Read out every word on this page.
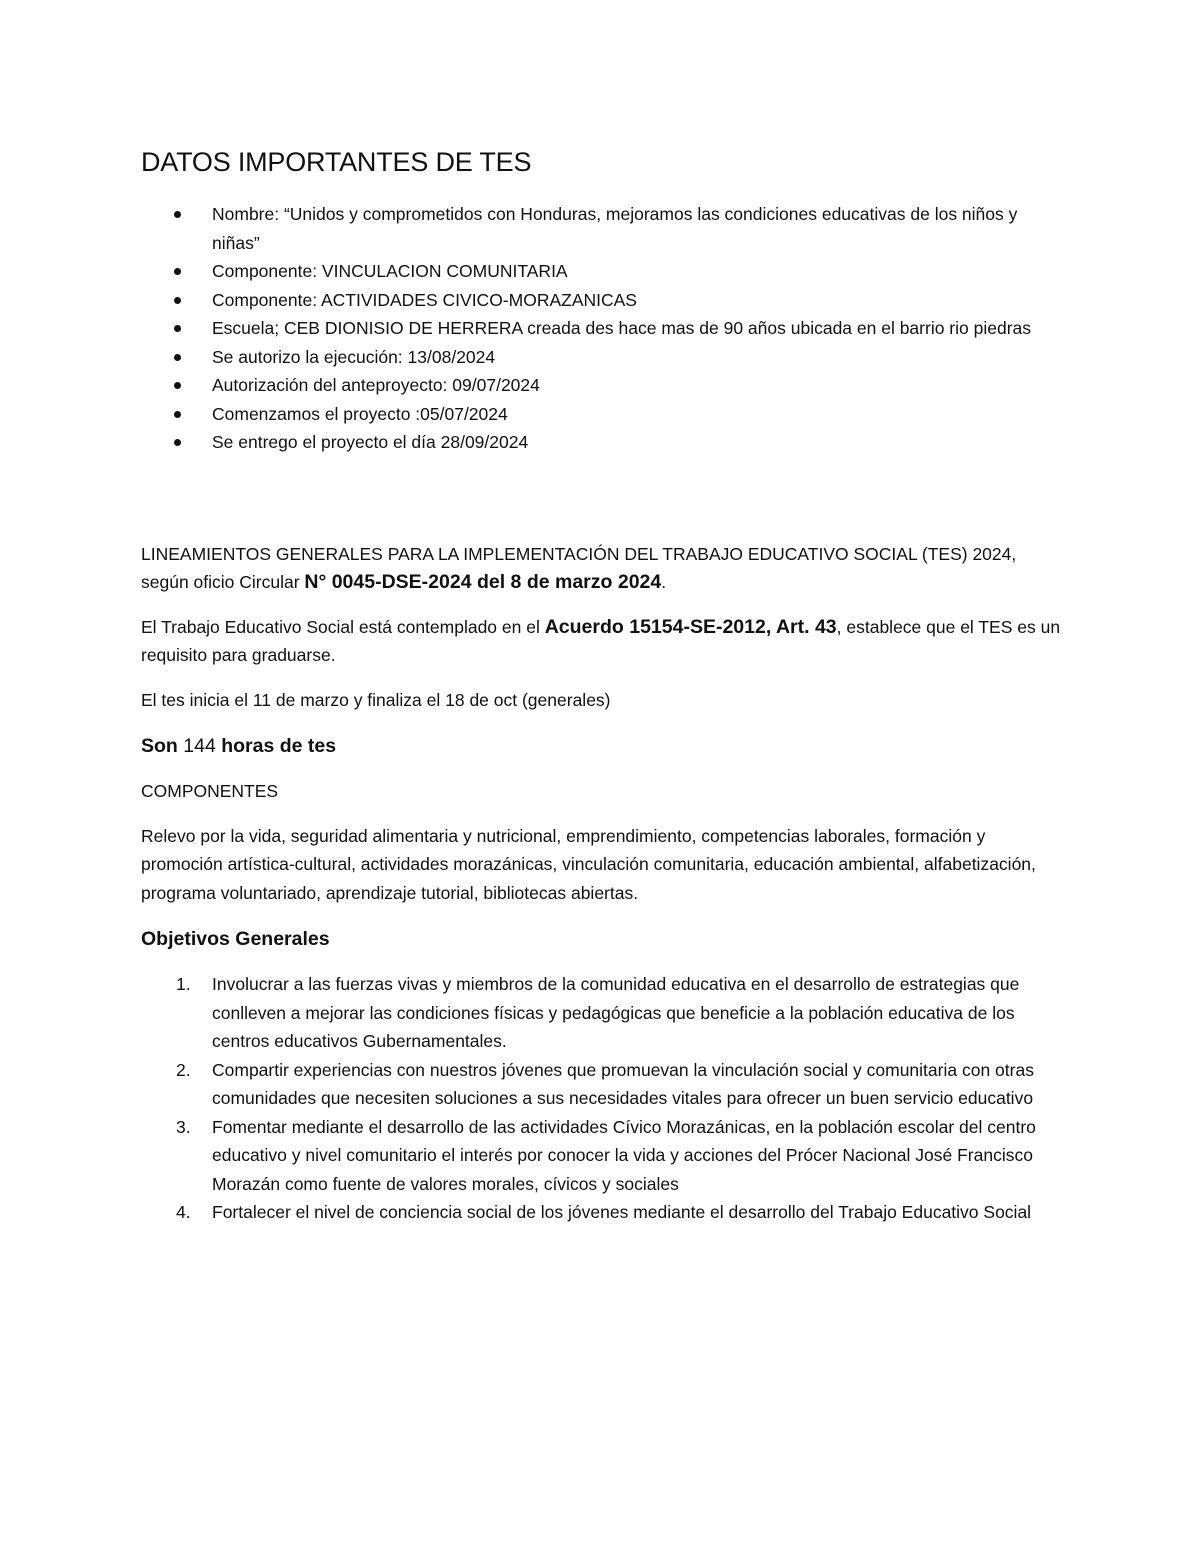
DATOS IMPORTANTES DE TES
Nombre: “Unidos y comprometidos con Honduras, mejoramos las condiciones educativas de los niños y niñas”
Componente: VINCULACION COMUNITARIA
Componente: ACTIVIDADES CIVICO-MORAZANICAS
Escuela; CEB DIONISIO DE HERRERA creada des hace mas de 90 años ubicada en el barrio rio piedras
Se autorizo la ejecución: 13/08/2024
Autorización del anteproyecto: 09/07/2024
Comenzamos el proyecto :05/07/2024
Se entrego el proyecto el día 28/09/2024

LINEAMIENTOS GENERALES PARA LA IMPLEMENTACIÓN DEL TRABAJO EDUCATIVO SOCIAL (TES) 2024, según oficio Circular N° 0045-DSE-2024 del 8 de marzo 2024.

El Trabajo Educativo Social está contemplado en el Acuerdo 15154-SE-2012, Art. 43, establece que el TES es un requisito para graduarse.

El tes inicia el 11 de marzo y finaliza el 18 de oct (generales)

Son 144 horas de tes

COMPONENTES

Relevo por la vida, seguridad alimentaria y nutricional, emprendimiento, competencias laborales, formación y promoción artística-cultural, actividades morazánicas, vinculación comunitaria, educación ambiental, alfabetización, programa voluntariado, aprendizaje tutorial, bibliotecas abiertas.

Objetivos Generales

1. Involucrar a las fuerzas vivas y miembros de la comunidad educativa en el desarrollo de estrategias que conlleven a mejorar las condiciones físicas y pedagógicas que beneficie a la población educativa de los centros educativos Gubernamentales.
2. Compartir experiencias con nuestros jóvenes que promuevan la vinculación social y comunitaria con otras comunidades que necesiten soluciones a sus necesidades vitales para ofrecer un buen servicio educativo
3. Fomentar mediante el desarrollo de las actividades Cívico Morazánicas, en la población escolar del centro educativo y nivel comunitario el interés por conocer la vida y acciones del Prócer Nacional José Francisco Morazán como fuente de valores morales, cívicos y sociales
4. Fortalecer el nivel de conciencia social de los jóvenes mediante el desarrollo del Trabajo Educativo Social
